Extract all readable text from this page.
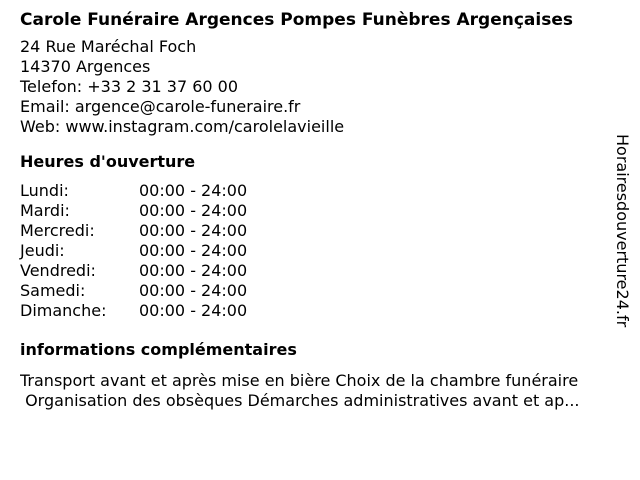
Carole Funéraire Argences Pompes Funèbres Argençaises
24 Rue Maréchal Foch
14370 Argences
Telefon: +33 2 31 37 60 00
Email: argence@carole-funeraire.fr
Web: www.instagram.com/carolelavieille
Heures d'ouverture
Lundi:	00:00 - 24:00
Mardi:	00:00 - 24:00
Mercredi:	00:00 - 24:00
Jeudi:	00:00 - 24:00
Vendredi:	00:00 - 24:00
Samedi:	00:00 - 24:00
Dimanche:	00:00 - 24:00
informations complémentaires
Transport avant et après mise en bière Choix de la chambre funéraire
Organisation des obsèques Démarches administratives avant et ap...
Horairesdouverture24.fr
